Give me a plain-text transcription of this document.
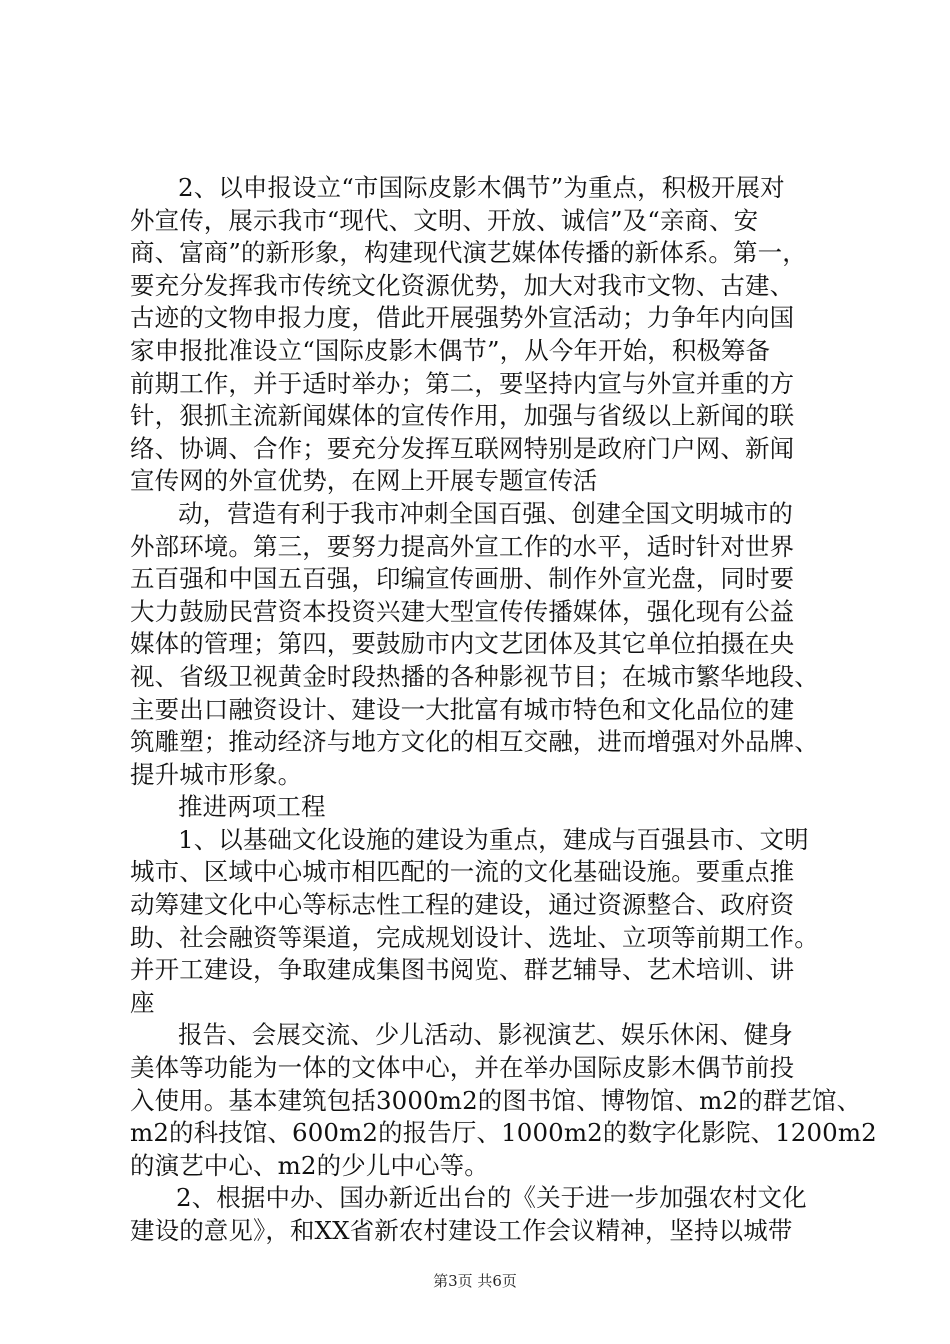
2、以申报设立“市国际皮影木偶节”为重点，积极开展对
外宣传，展示我市“现代、文明、开放、诚信”及“亲商、安
商、富商”的新形象，构建现代演艺媒体传播的新体系。第一，
要充分发挥我市传统文化资源优势，加大对我市文物、古建、
古迹的文物申报力度，借此开展强势外宣活动；力争年内向国
家申报批准设立“国际皮影木偶节”，从今年开始，积极筹备
前期工作，并于适时举办；第二，要坚持内宣与外宣并重的方
针，狠抓主流新闻媒体的宣传作用，加强与省级以上新闻的联
络、协调、合作；要充分发挥互联网特别是政府门户网、新闻
宣传网的外宣优势，在网上开展专题宣传活
动，营造有利于我市冲刺全国百强、创建全国文明城市的
外部环境。第三，要努力提高外宣工作的水平，适时针对世界
五百强和中国五百强，印编宣传画册、制作外宣光盘，同时要
大力鼓励民营资本投资兴建大型宣传传播媒体，强化现有公益
媒体的管理；第四，要鼓励市内文艺团体及其它单位拍摄在央
视、省级卫视黄金时段热播的各种影视节目；在城市繁华地段、
主要出口融资设计、建设一大批富有城市特色和文化品位的建
筑雕塑；推动经济与地方文化的相互交融，进而增强对外品牌、
提升城市形象。
推进两项工程
1、以基础文化设施的建设为重点，建成与百强县市、文明
城市、区域中心城市相匹配的一流的文化基础设施。要重点推
动筹建文化中心等标志性工程的建设，通过资源整合、政府资
助、社会融资等渠道，完成规划设计、选址、立项等前期工作。
并开工建设，争取建成集图书阅览、群艺辅导、艺术培训、讲
座
报告、会展交流、少儿活动、影视演艺、娱乐休闲、健身
美体等功能为一体的文体中心，并在举办国际皮影木偶节前投
入使用。基本建筑包括3000m2的图书馆、博物馆、m2的群艺馆、
m2的科技馆、600m2的报告厅、1000m2的数字化影院、1200m2
的演艺中心、m2的少儿中心等。
2、根据中办、国办新近出台的《关于进一步加强农村文化
建设的意见》，和XX省新农村建设工作会议精神，坚持以城带
第3页 共6页
